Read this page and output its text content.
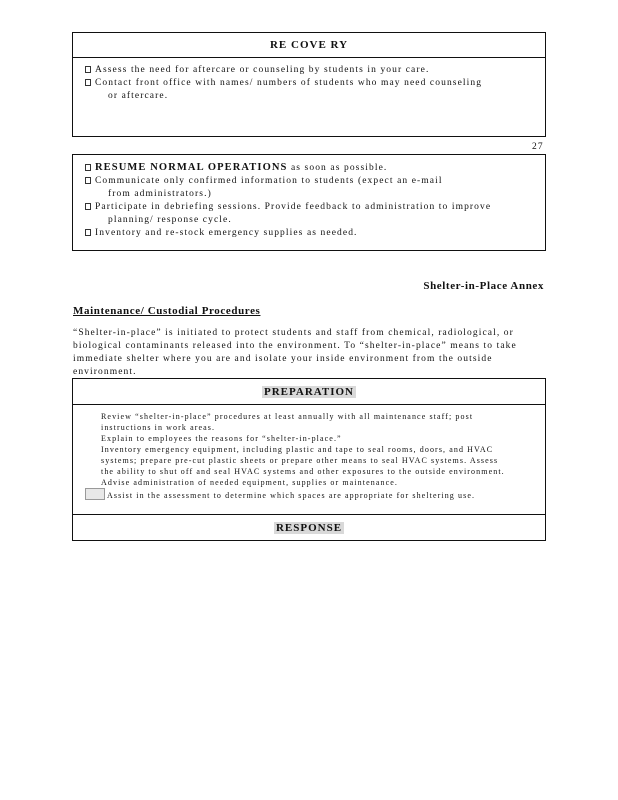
RE COVE RY
Assess the need for aftercare or counseling by students in your care.
Contact front office with names/ numbers of students who may need counseling
or aftercare.
27
RESUME NORMAL OPERATIONS as soon as possible.
Communicate only confirmed information to students (expect an e-mail
from administrators.)
Participate in debriefing sessions. Provide feedback to administration to improve
planning/ response cycle.
Inventory and re-stock emergency supplies as needed.
Shelter-in-Place Annex
Maintenance/ Custodial Procedures
“Shelter-in-place” is initiated to protect students and staff from chemical, radiological, or
biological contaminants released into the environment. To “shelter-in-place” means to take
immediate shelter where you are and isolate your inside environment from the outside
environment.
PREPARATION
Review “shelter-in-place” procedures at least annually with all maintenance staff; post
instructions in work areas.
Explain to employees the reasons for “shelter-in-place.”
Inventory emergency equipment, including plastic and tape to seal rooms, doors, and HVAC
systems; prepare pre-cut plastic sheets or prepare other means to seal HVAC systems. Assess
the ability to shut off and seal HVAC systems and other exposures to the outside environment.
Advise administration of needed equipment, supplies or maintenance.
Assist in the assessment to determine which spaces are appropriate for sheltering use.
RESPONSE
